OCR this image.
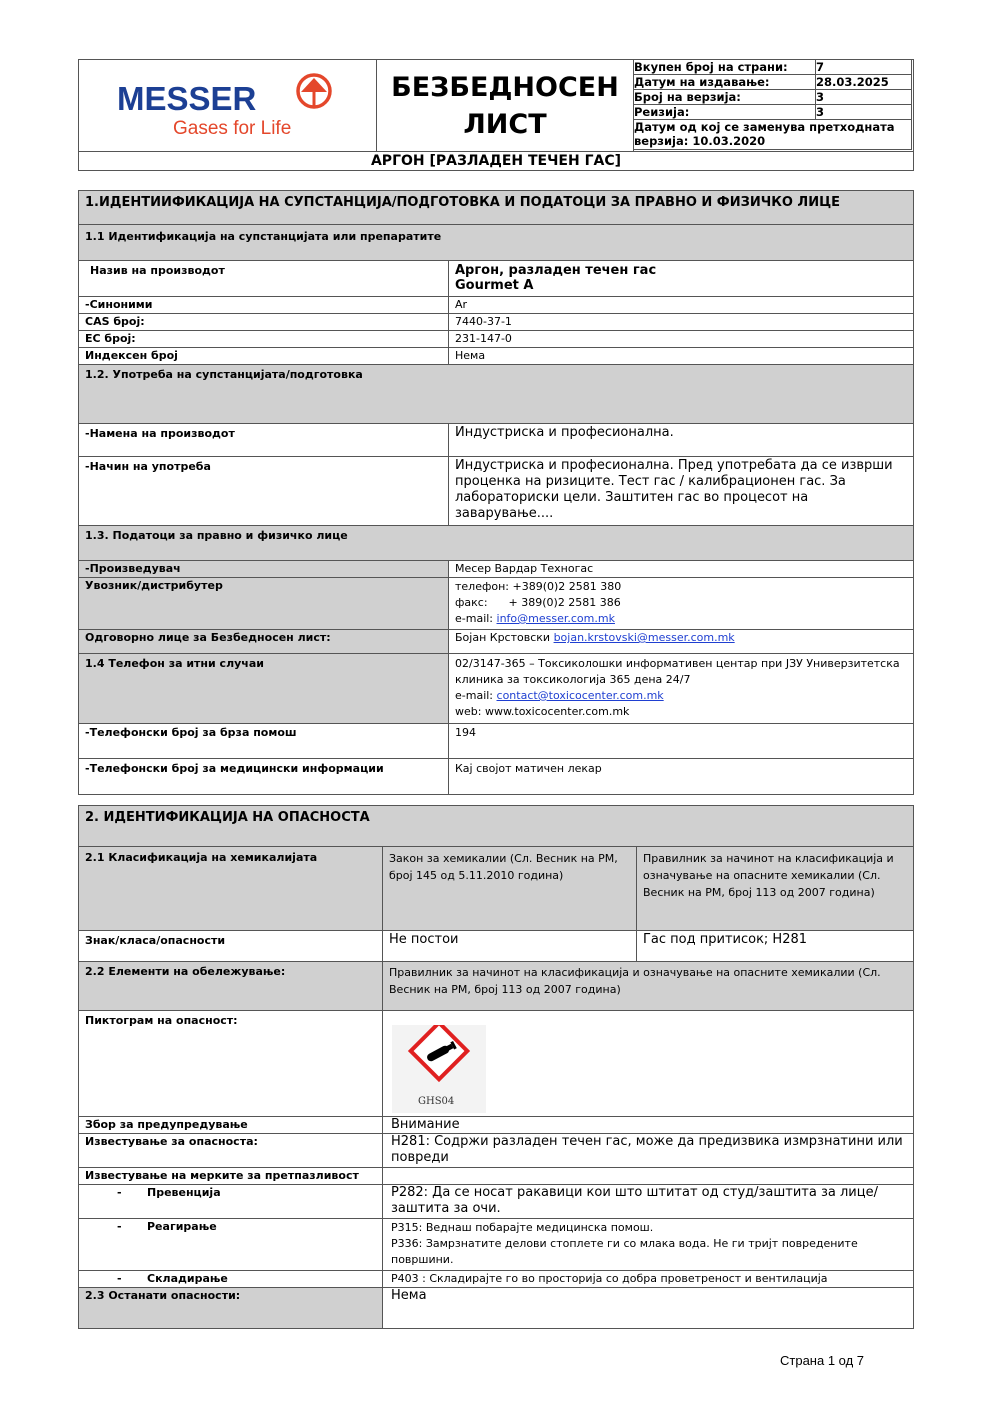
MESSER
Gases for Life

БЕЗБЕДНОСЕН
ЛИСТ

Вкупен број на страни:	7
Датум на издавање:	28.03.2025
Број на верзија:	3
Реизија:	3
Датум од кој се заменува претходната верзија: 10.03.2020

АРГОН [РАЗЛАДЕН ТЕЧЕН ГАС]
1.ИДЕНТИИФИКАЦИЈА НА СУПСТАНЦИЈА/ПОДГОТОВКА И ПОДАТОЦИ ЗА ПРАВНО И ФИЗИЧКО ЛИЦЕ	
1.1 Идентификација на супстанцијата или препаратите	
Назив на производот	Аргон, разладен течен гас
Gourmet A

-Синоними	Ar
CAS број:	7440-37-1
ЕC број:	231-147-0
Индексен број	Нема
1.2. Употреба на супстанцијата/подготовка	
-Намена на производот	Индустриска и професионална.
-Начин на употреба	Индустриска и професионална. Пред употребата да се изврши проценка на ризиците. Тест гас / калибрационен гас. За лабораториски цели. Заштитен гас во процесот на заварување....
1.3. Податоци за правно и физичко лице	
-Произведувач	Месер Вардар Техногас
Увозник/дистрибутер	телефон: +389(0)2 2581 380
факс:      + 389(0)2 2581 386
e-mail: info@messer.com.mk

Одговорно лице за Безбедносен лист:	Бојан Крстовски bojan.krstovski@messer.com.mk
1.4 Телефон за итни случаи	02/3147-365 – Токсиколошки информативен центар при ЈЗУ Универзитетска клиника за токсикологија 365 дена 24/7
e-mail: contact@toxicocenter.com.mk
web: www.toxicocenter.com.mk

-Телефонски број за брза помош	194
-Телефонски број за медицински информации	Кај својот матичен лекар
2. ИДЕНТИФИКАЦИЈА НА ОПАСНОСТА		
2.1 Класификација на хемикалијата	Закон за хемикалии (Сл. Весник на РМ, број 145 од 5.11.2010 година)	Правилник за начинот на класификација и означување на опасните хемикалии (Сл. Весник на РМ, број 113 од 2007 година)
Знак/класа/опасности	Не постои	Гас под притисок; H281
2.2 Елементи на обележување:	Правилник за начинот на класификација и означување на опасните хемикалии (Сл. Весник на РМ, број 113 од 2007 година)	
Пиктограм на опасност:	GHS04	

Збор за предупредување	Внимание	
Известување за опасноста:	H281: Содржи разладен течен гас, може да предизвика измрзнатини или повреди	
Известување на мерките за претпазливост		
- Превенција	P282: Да се носат ракавици кои што штитат од студ/заштита за лице/заштита за очи.	
- Реагирање	P315: Веднаш побарајте медицинска помош.
P336: Замрзнатите делови стоплете ги со млака вода. Не ги тријт повредените површини.	

- Складирање	P403 : Складирајте го во просторија со добра проветреност и вентилација	
2.3 Останати опасности:	Нема	
Страна 1 од 7
